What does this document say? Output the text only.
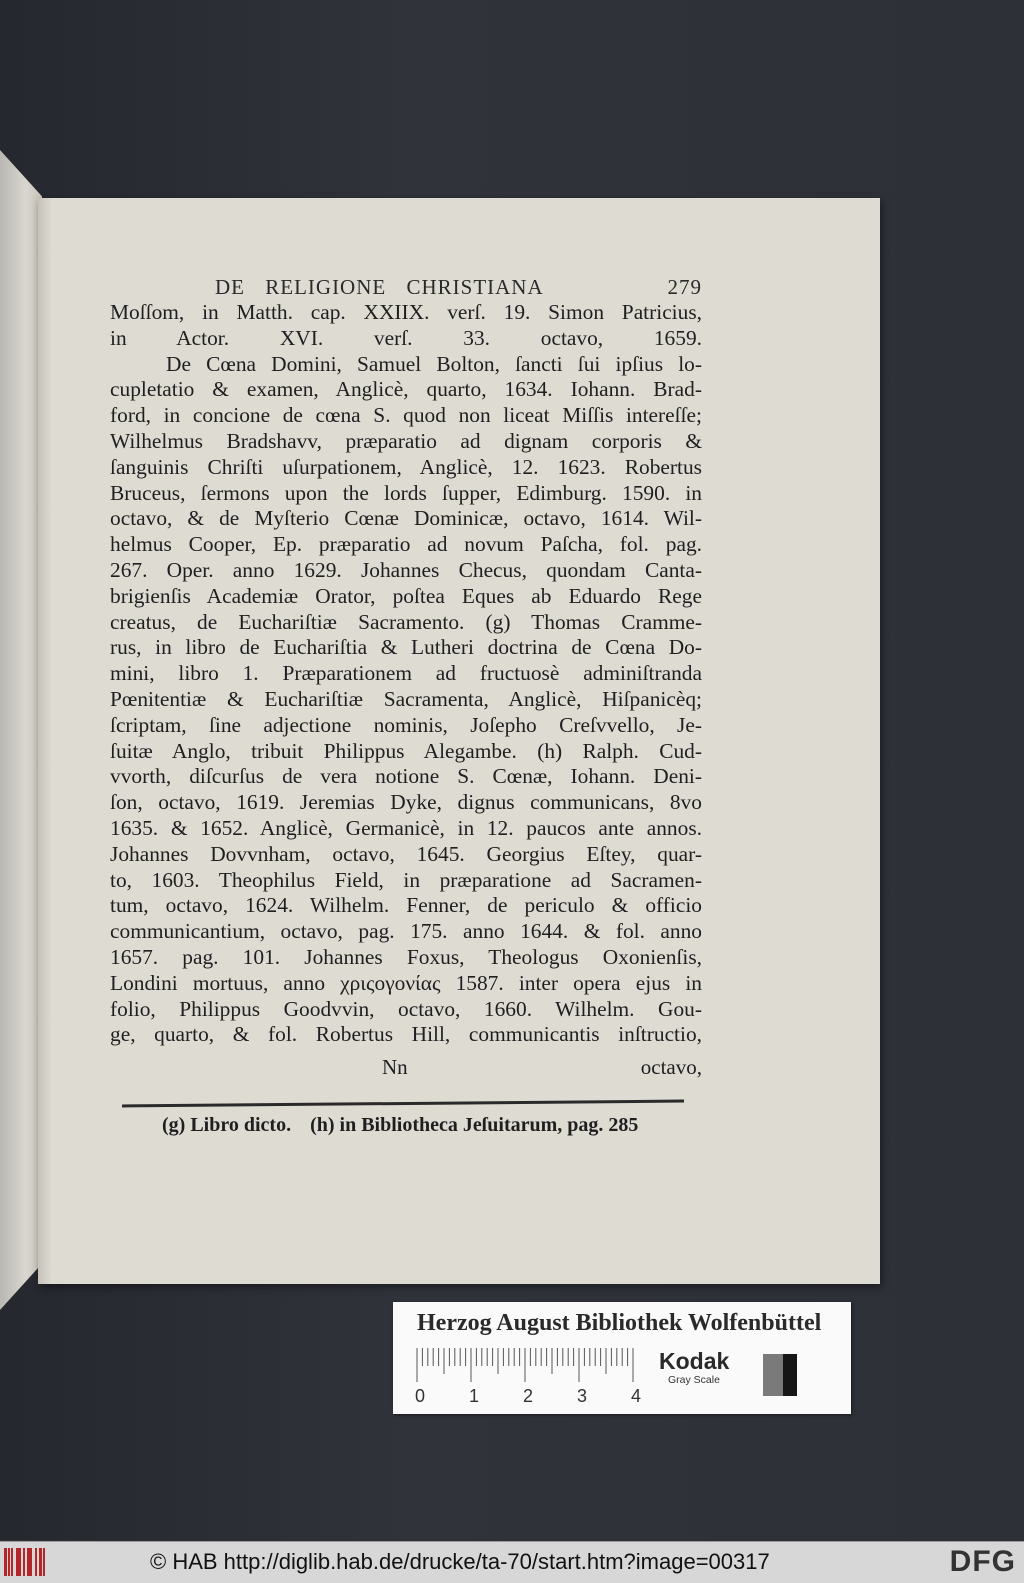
DE RELIGIONE CHRISTIANA	279
Moſſom, in Matth. cap. XXIIX. verſ. 19. Simon Patricius,
in Actor. XVI. verſ. 33. octavo, 1659.
De Cœna Domini, Samuel Bolton, ſancti ſui ipſius lo-
cupletatio & examen, Anglicè, quarto, 1634. Iohann. Brad-
ford, in concione de cœna S. quod non liceat Miſſis intereſſe;
Wilhelmus Bradshavv, præparatio ad dignam corporis &
ſanguinis Chriſti uſurpationem, Anglicè, 12. 1623. Robertus
Bruceus, ſermons upon the lords ſupper, Edimburg. 1590. in
octavo, & de Myſterio Cœnæ Dominicæ, octavo, 1614. Wil-
helmus Cooper, Ep. præparatio ad novum Paſcha, fol. pag.
267. Oper. anno 1629. Johannes Checus, quondam Canta-
brigienſis Academiæ Orator, poſtea Eques ab Eduardo Rege
creatus, de Euchariſtiæ Sacramento. (g) Thomas Cramme-
rus, in libro de Euchariſtia & Lutheri doctrina de Cœna Do-
mini, libro 1. Præparationem ad fructuosè adminiſtranda
Pœnitentiæ & Euchariſtiæ Sacramenta, Anglicè, Hiſpanicèq;
ſcriptam, ſine adjectione nominis, Joſepho Creſvvello, Je-
ſuitæ Anglo, tribuit Philippus Alegambe. (h) Ralph. Cud-
vvorth, diſcurſus de vera notione S. Cœnæ, Iohann. Deni-
ſon, octavo, 1619. Jeremias Dyke, dignus communicans, 8vo
1635. & 1652. Anglicè, Germanicè, in 12. paucos ante annos.
Johannes Dovvnham, octavo, 1645. Georgius Eſtey, quar-
to, 1603. Theophilus Field, in præparatione ad Sacramen-
tum, octavo, 1624. Wilhelm. Fenner, de periculo & officio
communicantium, octavo, pag. 175. anno 1644. & fol. anno
1657. pag. 101. Johannes Foxus, Theologus Oxonienſis,
Londini mortuus, anno χριςογονίας 1587. inter opera ejus in
folio, Philippus Goodvvin, octavo, 1660. Wilhelm. Gou-
ge, quarto, & fol. Robertus Hill, communicantis inſtructio,
Nn	octavo,
(g) Libro dicto. (h) in Bibliotheca Jeſuitarum, pag. 285
Herzog August Bibliothek Wolfenbüttel
0 1 2 3 4
Kodak
Gray Scale
© HAB http://diglib.hab.de/drucke/ta-70/start.htm?image=00317	DFG
